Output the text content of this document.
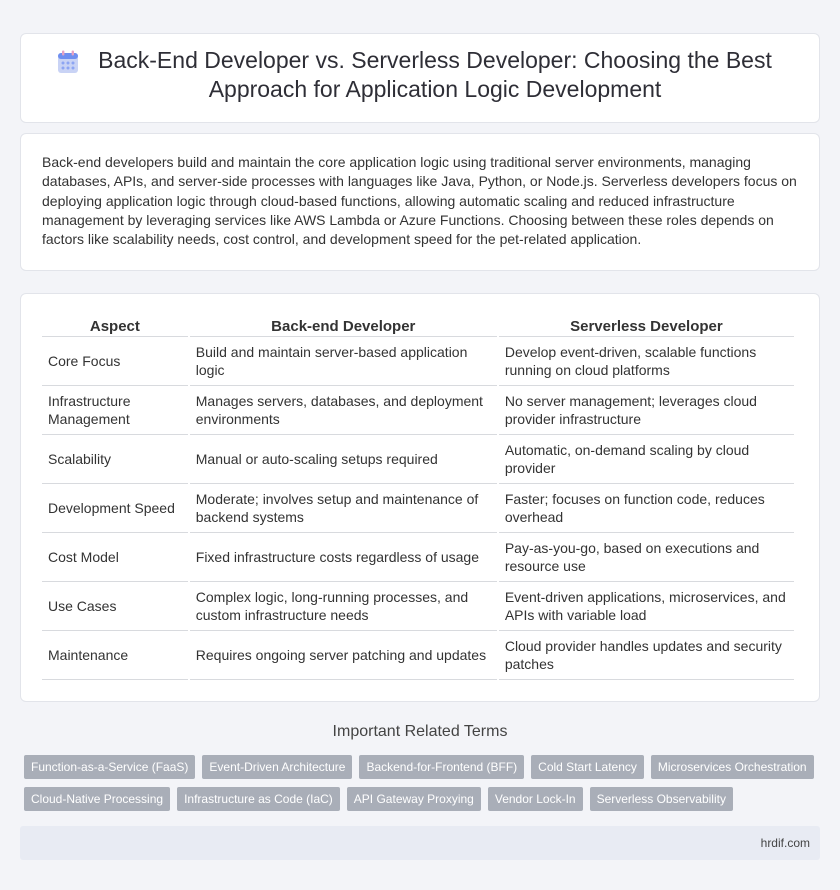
Back-End Developer vs. Serverless Developer: Choosing the Best Approach for Application Logic Development

Back-end developers build and maintain the core application logic using traditional server environments, managing databases, APIs, and server-side processes with languages like Java, Python, or Node.js. Serverless developers focus on deploying application logic through cloud-based functions, allowing automatic scaling and reduced infrastructure management by leveraging services like AWS Lambda or Azure Functions. Choosing between these roles depends on factors like scalability needs, cost control, and development speed for the pet-related application.

Aspect	Back-end Developer	Serverless Developer
Core Focus	Build and maintain server-based application logic	Develop event-driven, scalable functions running on cloud platforms
Infrastructure Management	Manages servers, databases, and deployment environments	No server management; leverages cloud provider infrastructure
Scalability	Manual or auto-scaling setups required	Automatic, on-demand scaling by cloud provider
Development Speed	Moderate; involves setup and maintenance of backend systems	Faster; focuses on function code, reduces overhead
Cost Model	Fixed infrastructure costs regardless of usage	Pay-as-you-go, based on executions and resource use
Use Cases	Complex logic, long-running processes, and custom infrastructure needs	Event-driven applications, microservices, and APIs with variable load
Maintenance	Requires ongoing server patching and updates	Cloud provider handles updates and security patches
Important Related Terms
Function-as-a-Service (FaaS)	Event-Driven Architecture	Backend-for-Frontend (BFF)	Cold Start Latency	Microservices Orchestration
Cloud-Native Processing	Infrastructure as Code (IaC)	API Gateway Proxying	Vendor Lock-In	Serverless Observability
hrdif.com
